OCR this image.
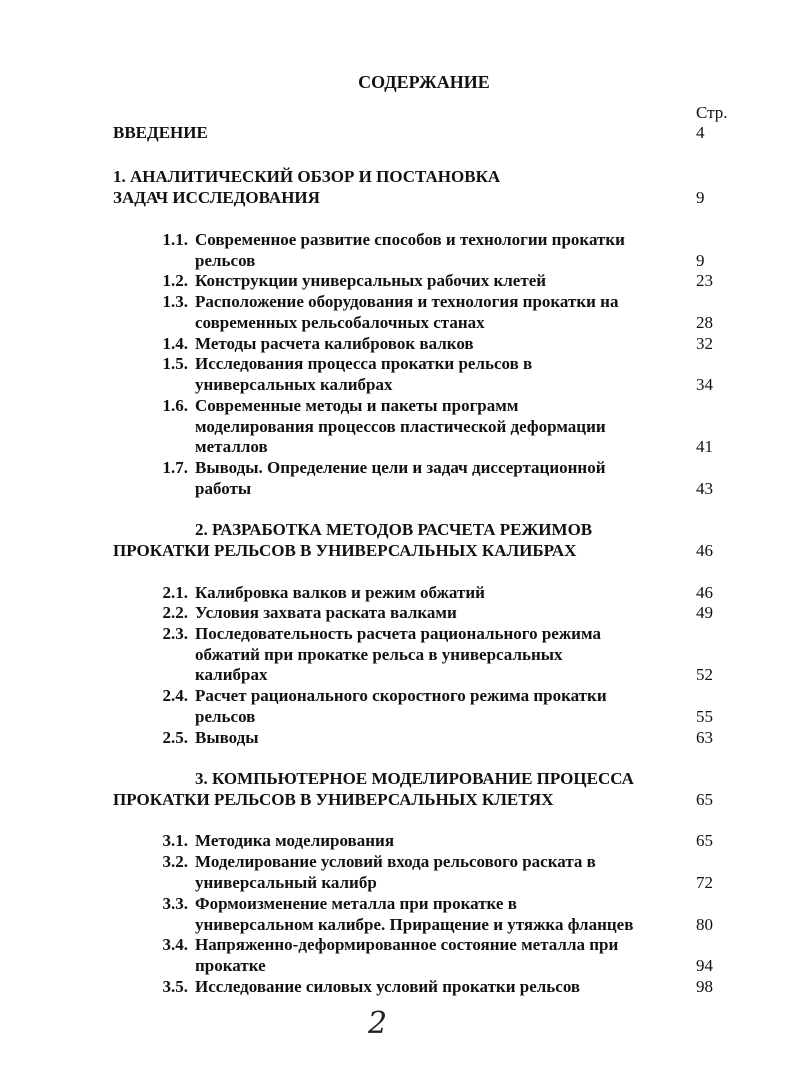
СОДЕРЖАНИЕ
Стр.
ВВЕДЕНИЕ	4
1. АНАЛИТИЧЕСКИЙ ОБЗОР И ПОСТАНОВКА
ЗАДАЧ ИССЛЕДОВАНИЯ	9
1.1. Современное развитие способов и технологии прокатки
рельсов	9
1.2. Конструкции универсальных рабочих клетей	23
1.3. Расположение оборудования и технология прокатки на
современных рельсобалочных станах	28
1.4. Методы расчета калибровок валков	32
1.5. Исследования процесса прокатки рельсов в
универсальных калибрах	34
1.6. Современные методы и пакеты программ
моделирования процессов пластической деформации
металлов	41
1.7. Выводы. Определение цели и задач диссертационной
работы	43
2. РАЗРАБОТКА МЕТОДОВ РАСЧЕТА РЕЖИМОВ
ПРОКАТКИ РЕЛЬСОВ В УНИВЕРСАЛЬНЫХ КАЛИБРАХ	46
2.1. Калибровка валков и режим обжатий	46
2.2. Условия захвата раската валками	49
2.3. Последовательность расчета рационального режима
обжатий при прокатке рельса в универсальных
калибрах	52
2.4. Расчет рационального скоростного режима прокатки
рельсов	55
2.5. Выводы	63
3. КОМПЬЮТЕРНОЕ МОДЕЛИРОВАНИЕ ПРОЦЕССА
ПРОКАТКИ РЕЛЬСОВ В УНИВЕРСАЛЬНЫХ КЛЕТЯХ	65
3.1. Методика моделирования	65
3.2. Моделирование условий входа рельсового раската в
универсальный калибр	72
3.3. Формоизменение металла при прокатке в
универсальном калибре. Приращение и утяжка фланцев	80
3.4. Напряженно-деформированное состояние металла при
прокатке	94
3.5. Исследование силовых условий прокатки рельсов	98
2
